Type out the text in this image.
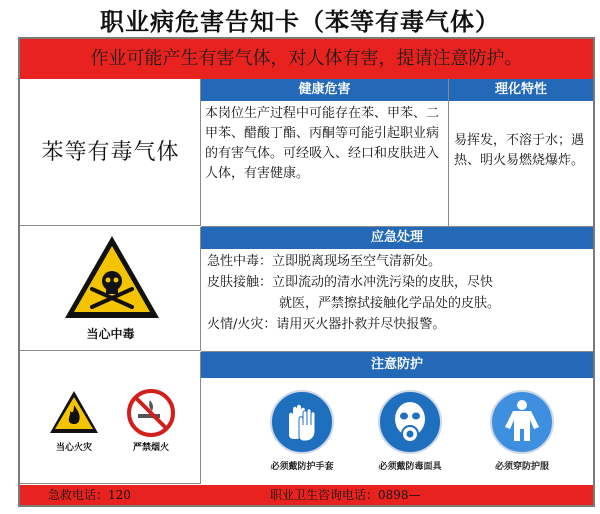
职业病危害告知卡（苯等有毒气体）
作业可能产生有害气体，对人体有害，提请注意防护。
苯等有毒气体
健康危害	理化特性
本岗位生产过程中可能存在苯、甲苯、二甲苯、醋酸丁酯、丙酮等可能引起职业病的有害气体。可经吸入、经口和皮肤进入人体，有害健康。
易挥发，不溶于水；遇热、明火易燃烧爆炸。
当心中毒
应急处理
急性中毒：立即脱离现场至空气清新处。
皮肤接触：立即流动的清水冲洗污染的皮肤，尽快
就医，严禁擦拭接触化学品处的皮肤。
火情/火灾：请用灭火器扑救并尽快报警。
当心火灾	严禁烟火
注意防护
必须戴防护手套	必须戴防毒面具	必须穿防护服
急救电话：120	职业卫生咨询电话：0898—
